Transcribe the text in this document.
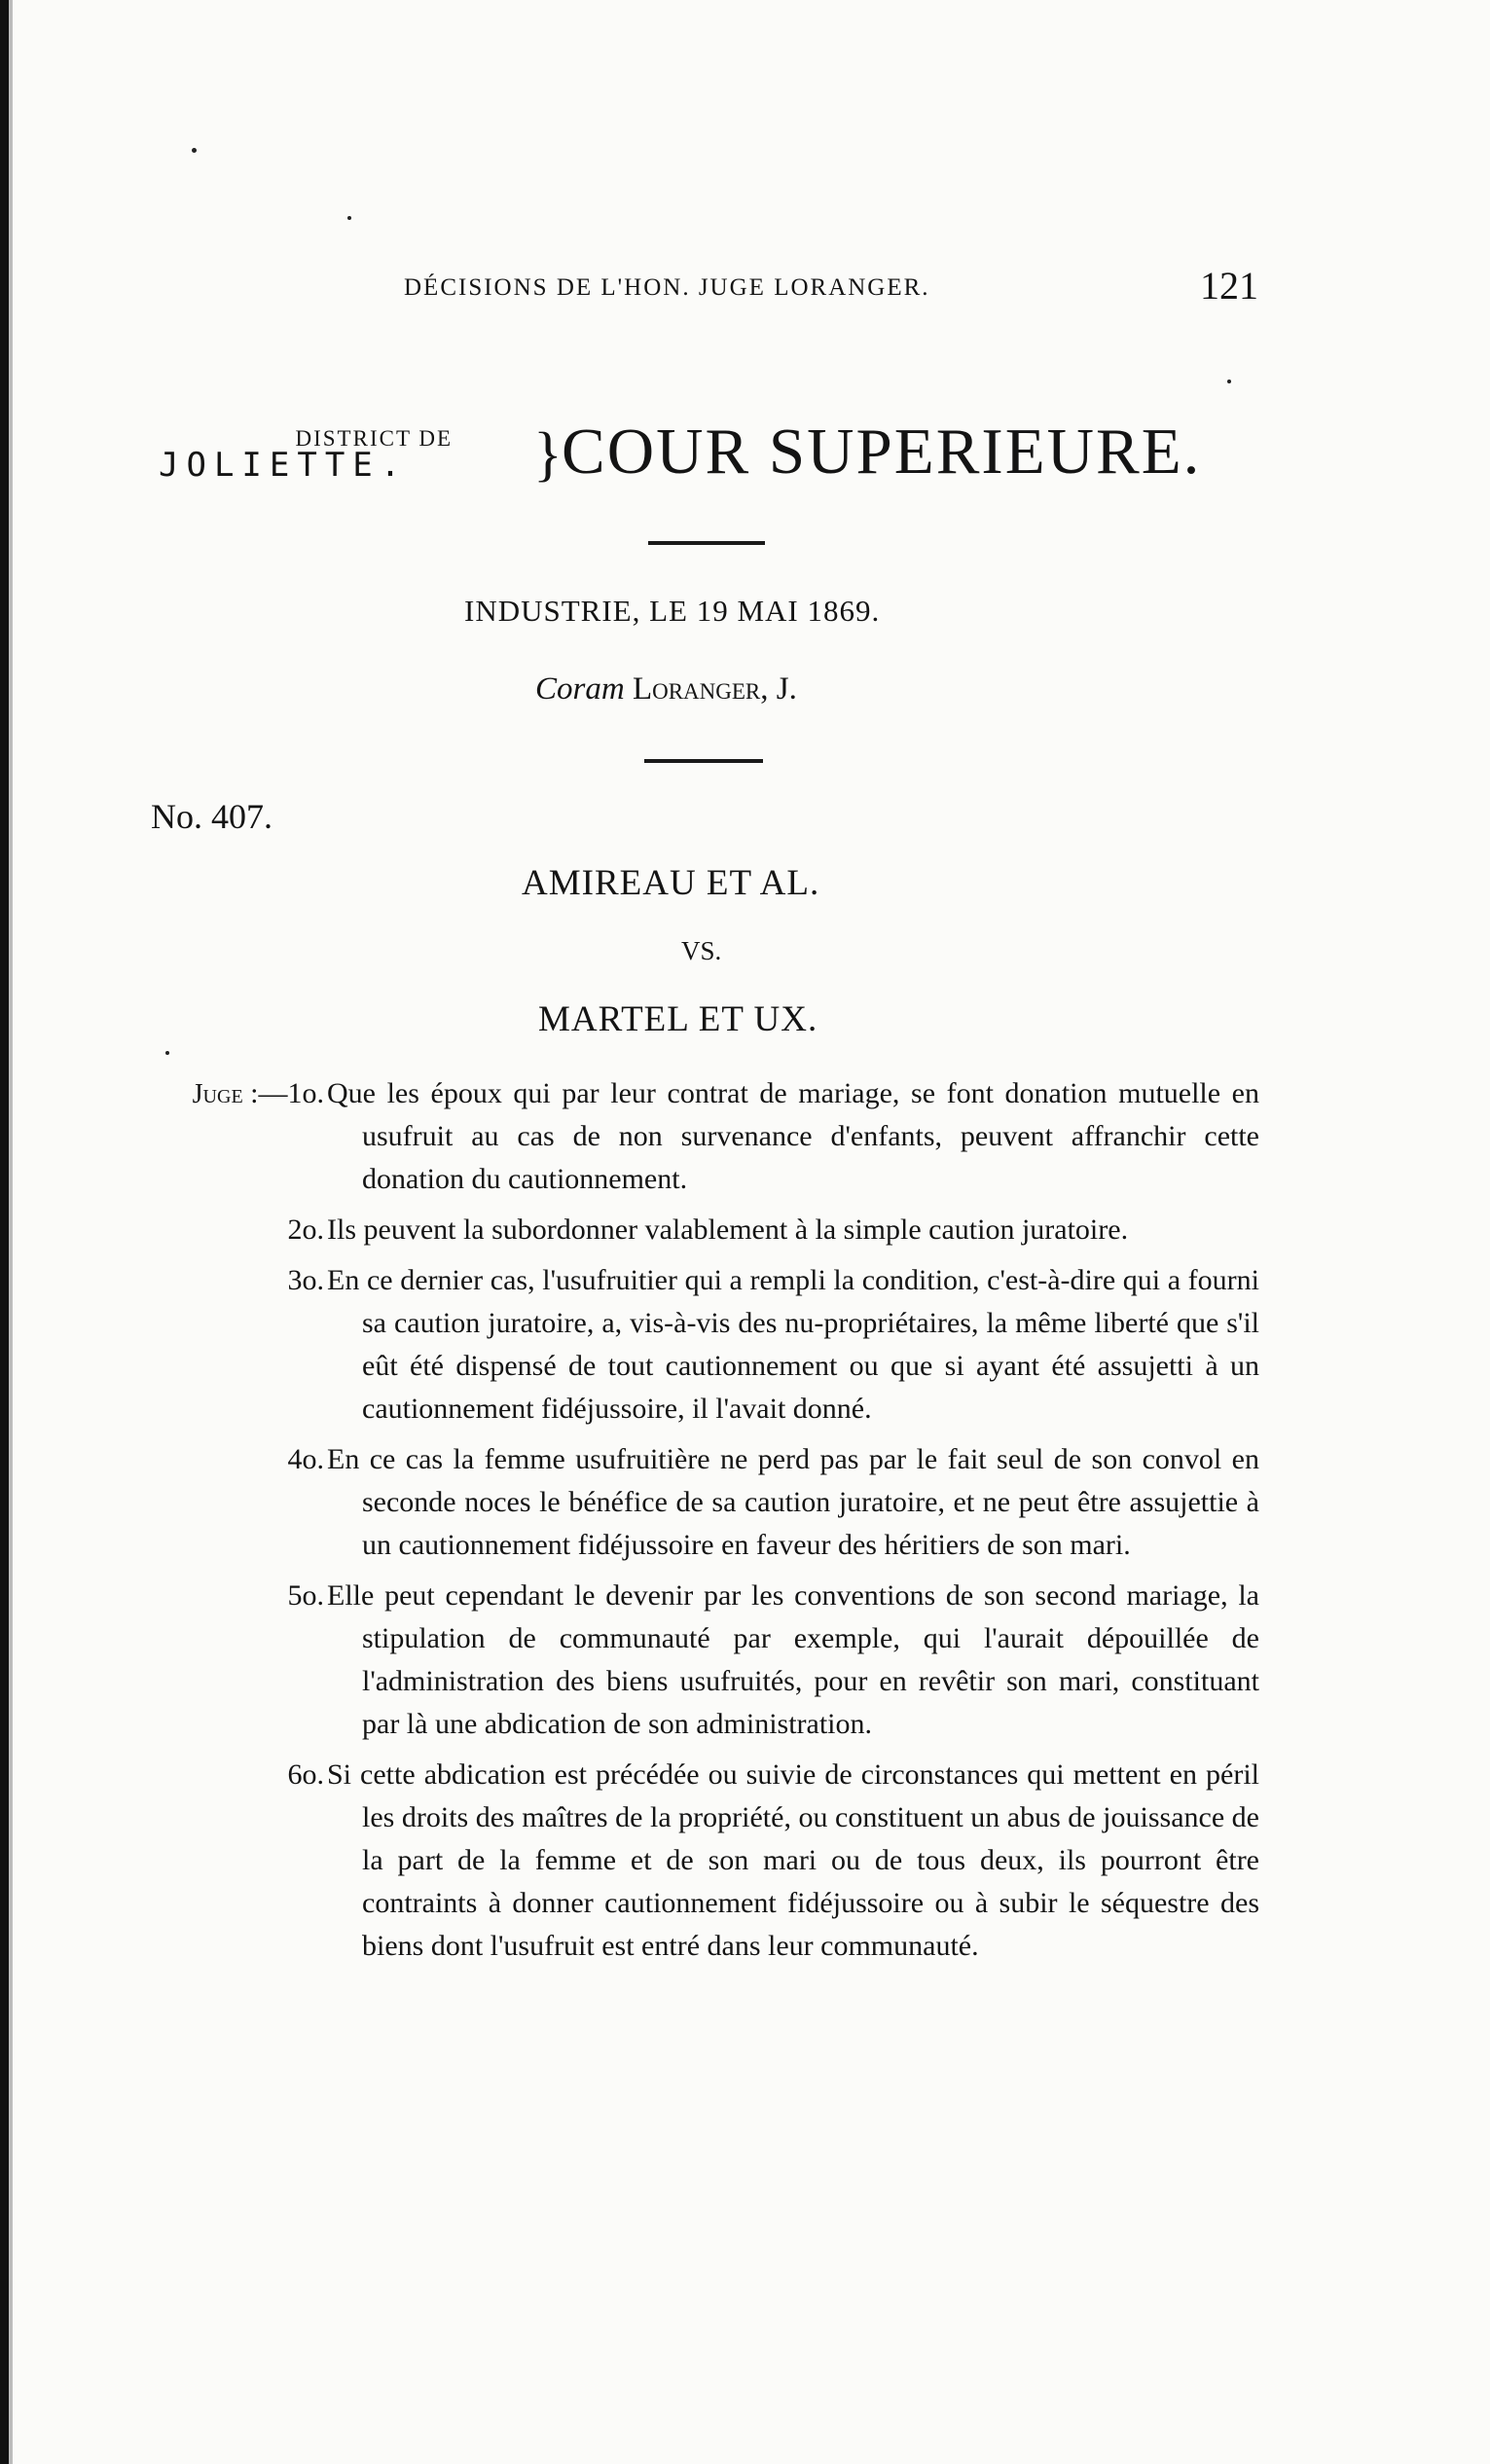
DÉCISIONS DE L'HON. JUGE LORANGER.	121
DISTRICT DE
JOLIETTE.	} COUR SUPERIEURE.
INDUSTRIE, LE 19 MAI 1869.
Coram Loranger, J.
No. 407.
AMIREAU ET AL.
VS.
MARTEL ET UX.
Juge :—1o. Que les époux qui par leur contrat de mariage, se font donation mutuelle en usufruit au cas de non survenance d'enfants, peuvent affranchir cette donation du cautionnement.
2o. Ils peuvent la subordonner valablement à la simple caution juratoire.
3o. En ce dernier cas, l'usufruitier qui a rempli la condition, c'est-à-dire qui a fourni sa caution juratoire, a, vis-à-vis des nu-propriétaires, la même liberté que s'il eût été dispensé de tout cautionnement ou que si ayant été assujetti à un cautionnement fidéjussoire, il l'avait donné.
4o. En ce cas la femme usufruitière ne perd pas par le fait seul de son convol en seconde noces le bénéfice de sa caution juratoire, et ne peut être assujettie à un cautionnement fidéjussoire en faveur des héritiers de son mari.
5o. Elle peut cependant le devenir par les conventions de son second mariage, la stipulation de communauté par exemple, qui l'aurait dépouillée de l'administration des biens usufruités, pour en revêtir son mari, constituant par là une abdication de son administration.
6o. Si cette abdication est précédée ou suivie de circonstances qui mettent en péril les droits des maîtres de la propriété, ou constituent un abus de jouissance de la part de la femme et de son mari ou de tous deux, ils pourront être contraints à donner cautionnement fidéjussoire ou à subir le séquestre des biens dont l'usufruit est entré dans leur communauté.
